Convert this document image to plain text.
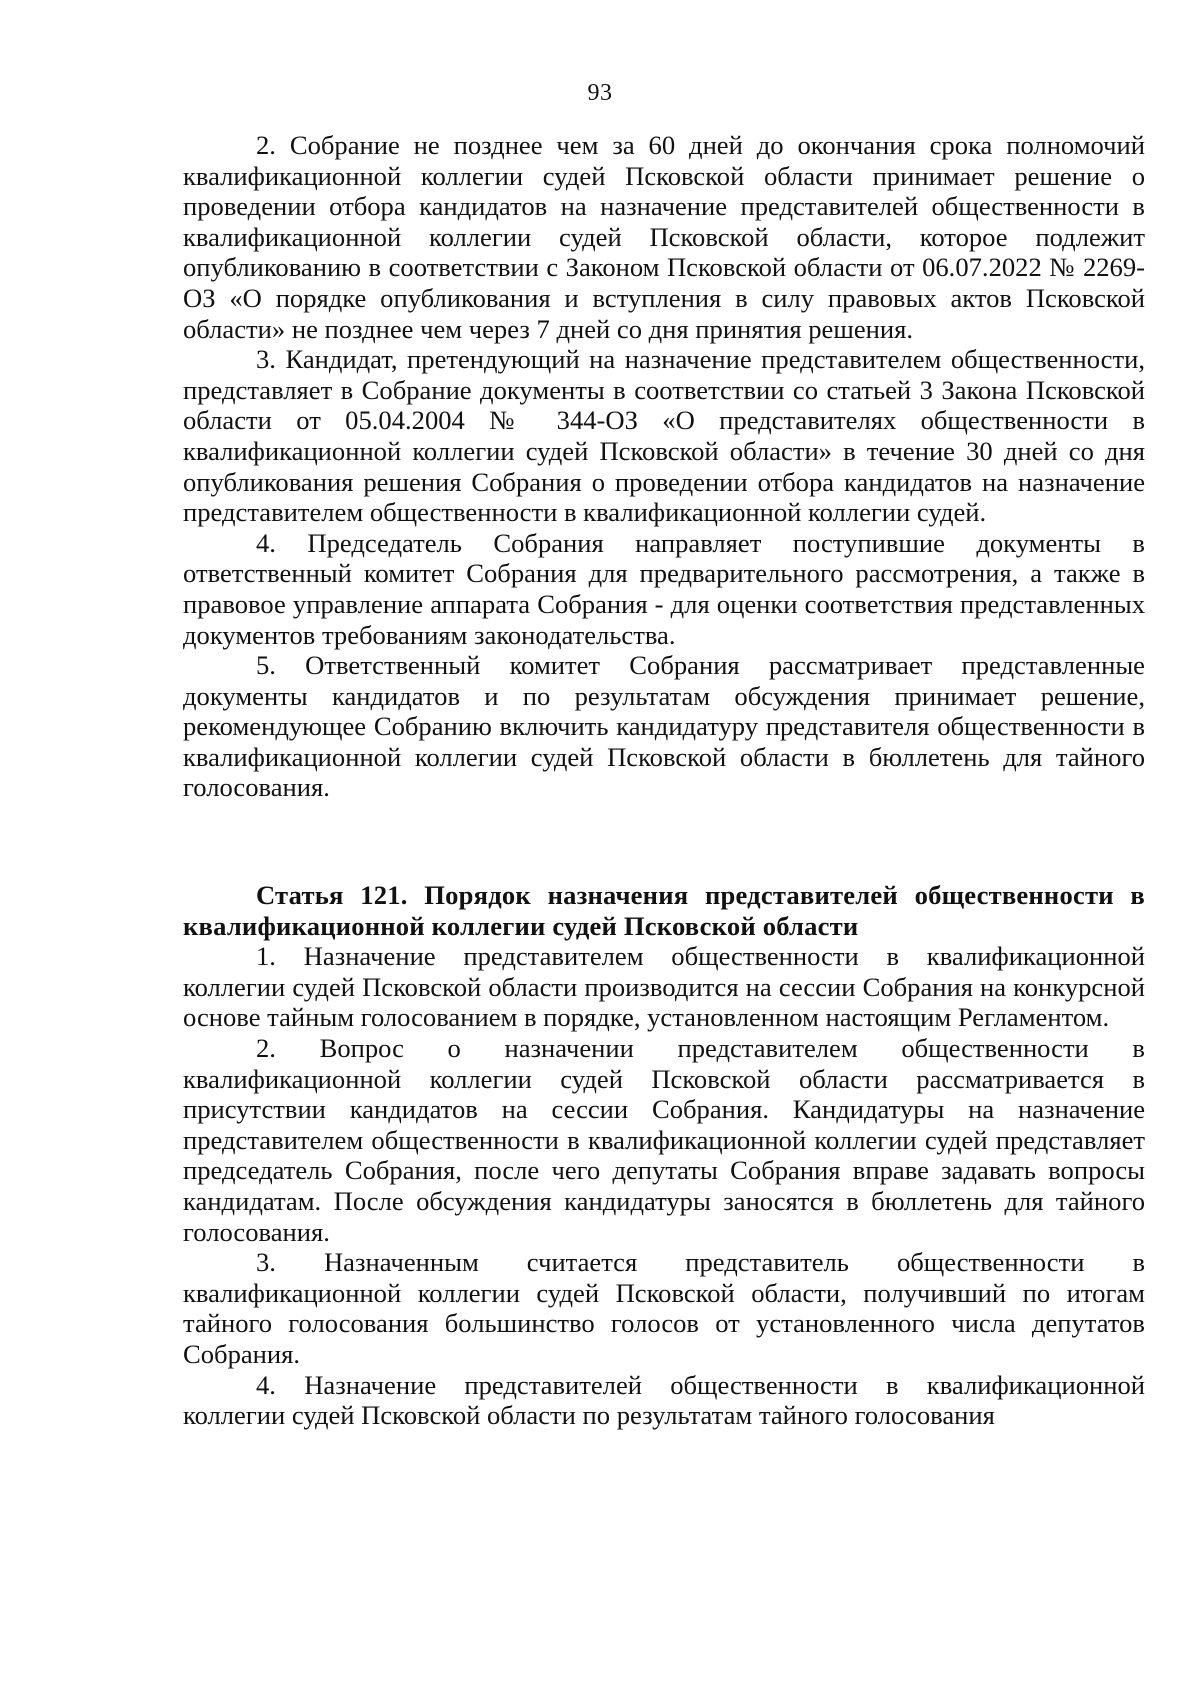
93

2. Собрание не позднее чем за 60 дней до окончания срока полномочий квалификационной коллегии судей Псковской области принимает решение о проведении отбора кандидатов на назначение представителей общественности в квалификационной коллегии судей Псковской области, которое подлежит опубликованию в соответствии с Законом Псковской области от 06.07.2022 № 2269-ОЗ «О порядке опубликования и вступления в силу правовых актов Псковской области» не позднее чем через 7 дней со дня принятия решения.

3. Кандидат, претендующий на назначение представителем общественности, представляет в Собрание документы в соответствии со статьей 3 Закона Псковской области от 05.04.2004 № 344-ОЗ «О представителях общественности в квалификационной коллегии судей Псковской области» в течение 30 дней со дня опубликования решения Собрания о проведении отбора кандидатов на назначение представителем общественности в квалификационной коллегии судей.

4. Председатель Собрания направляет поступившие документы в ответственный комитет Собрания для предварительного рассмотрения, а также в правовое управление аппарата Собрания - для оценки соответствия представленных документов требованиям законодательства.

5. Ответственный комитет Собрания рассматривает представленные документы кандидатов и по результатам обсуждения принимает решение, рекомендующее Собранию включить кандидатуру представителя общественности в квалификационной коллегии судей Псковской области в бюллетень для тайного голосования.

Статья 121. Порядок назначения представителей общественности в квалификационной коллегии судей Псковской области

1. Назначение представителем общественности в квалификационной коллегии судей Псковской области производится на сессии Собрания на конкурсной основе тайным голосованием в порядке, установленном настоящим Регламентом.

2. Вопрос о назначении представителем общественности в квалификационной коллегии судей Псковской области рассматривается в присутствии кандидатов на сессии Собрания. Кандидатуры на назначение представителем общественности в квалификационной коллегии судей представляет председатель Собрания, после чего депутаты Собрания вправе задавать вопросы кандидатам. После обсуждения кандидатуры заносятся в бюллетень для тайного голосования.

3. Назначенным считается представитель общественности в квалификационной коллегии судей Псковской области, получивший по итогам тайного голосования большинство голосов от установленного числа депутатов Собрания.

4. Назначение представителей общественности в квалификационной коллегии судей Псковской области по результатам тайного голосования
